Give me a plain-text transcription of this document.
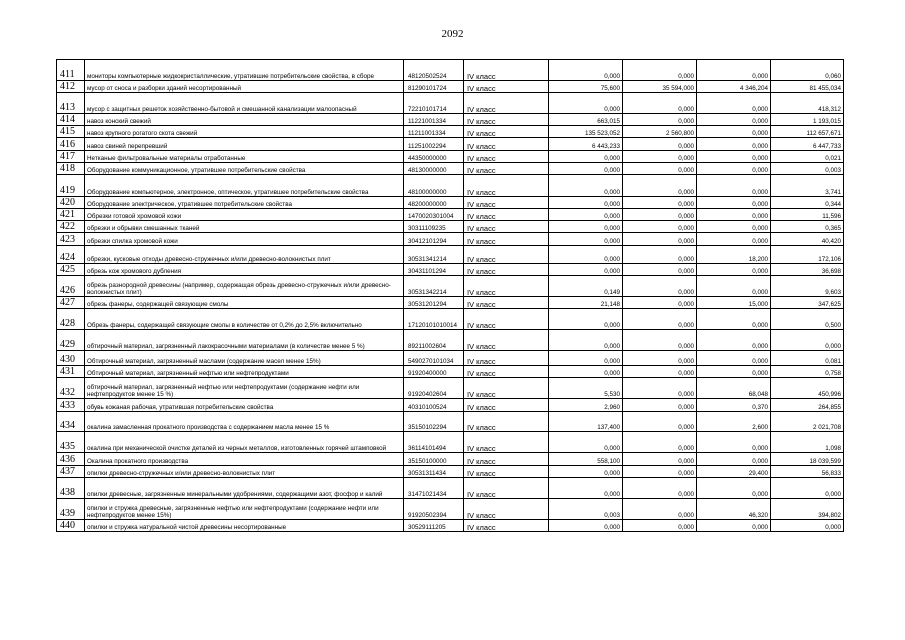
2092
411	мониторы компьютерные жидкокристаллические, утратившие потребительские свойства, в сборе	48120502524	IV класс	0,000	0,000	0,000	0,060
412	мусор от сноса и разборки зданий несортированный	81290101724	IV класс	75,600	35 594,000	4 346,204	81 455,034
413	мусор с защитных решеток хозяйственно-бытовой и смешанной канализации малоопасный	72210101714	IV класс	0,000	0,000	0,000	418,312
414	навоз конский свежий	11221001334	IV класс	663,015	0,000	0,000	1 193,015
415	навоз крупного рогатого скота свежий	11211001334	IV класс	135 523,052	2 560,800	0,000	112 657,671
416	навоз свиней перепревший	11251002294	IV класс	6 443,233	0,000	0,000	6 447,733
417	Нетканые фильтровальные материалы отработанные	44350000000	IV класс	0,000	0,000	0,000	0,021
418	Оборудование коммуникационное, утратившее потребительские свойства	48130000000	IV класс	0,000	0,000	0,000	0,003
419	Оборудование компьютерное, электронное, оптическое, утратившее потребительские свойства	48100000000	IV класс	0,000	0,000	0,000	3,741
420	Оборудование электрическое, утратившее потребительские свойства	48200000000	IV класс	0,000	0,000	0,000	0,344
421	Обрезки готовой хромовой кожи	1470020301004	IV класс	0,000	0,000	0,000	11,596
422	обрезки и обрывки смешанных тканей	30311109235	IV класс	0,000	0,000	0,000	0,365
423	обрезки спилка хромовой кожи	30412101294	IV класс	0,000	0,000	0,000	40,420
424	обрезки, кусковые отходы древесно-стружечных и/или древесно-волокнистых плит	30531341214	IV класс	0,000	0,000	18,200	172,106
425	обрезь кож хромового дубления	30431101294	IV класс	0,000	0,000	0,000	36,698
426	обрезь разнородной древесины (например, содержащая обрезь древесно-стружечных и/или древесно-волокнистых плит)	30531342214	IV класс	0,149	0,000	0,000	9,603
427	обрезь фанеры, содержащей связующие смолы	30531201294	IV класс	21,148	0,000	15,000	347,625
428	Обрезь фанеры, содержащей связующие смолы в количестве от 0,2% до 2,5% включительно	17120101010014	IV класс	0,000	0,000	0,000	0,500
429	обтирочный материал, загрязненный лакокрасочными материалами (в количестве менее 5 %)	89211002604	IV класс	0,000	0,000	0,000	0,000
430	Обтирочный материал, загрязненный маслами (содержание масел менее 15%)	5490270101034	IV класс	0,000	0,000	0,000	0,081
431	Обтирочный материал, загрязненный нефтью или нефтепродуктами	91920400000	IV класс	0,000	0,000	0,000	0,758
432	обтирочный материал, загрязненный нефтью или нефтепродуктами (содержание нефти или нефтепродуктов менее 15 %)	91920402604	IV класс	5,530	0,000	68,048	450,996
433	обувь кожаная рабочая, утратившая потребительские свойства	40310100524	IV класс	2,960	0,000	0,370	264,855
434	окалина замасленная прокатного производства с содержанием масла менее 15 %	35150102294	IV класс	137,400	0,000	2,600	2 021,708
435	окалина при механической очистке деталей из черных металлов, изготовленных горячей штамповкой	36114101494	IV класс	0,000	0,000	0,000	1,098
436	Окалина прокатного производства	35150100000	IV класс	558,100	0,000	0,000	18 039,599
437	опилки древесно-стружечных и/или древесно-волокнистых плит	30531311434	IV класс	0,000	0,000	29,400	56,833
438	опилки древесные, загрязненные минеральными удобрениями, содержащими азот, фосфор и калий	31471021434	IV класс	0,000	0,000	0,000	0,000
439	опилки и стружка древесные, загрязненные нефтью или нефтепродуктами (содержание нефти или нефтепродуктов менее 15%)	91920502394	IV класс	0,003	0,000	46,320	394,802
440	опилки и стружка натуральной чистой древесины несортированные	30529111205	IV класс	0,000	0,000	0,000	0,000
